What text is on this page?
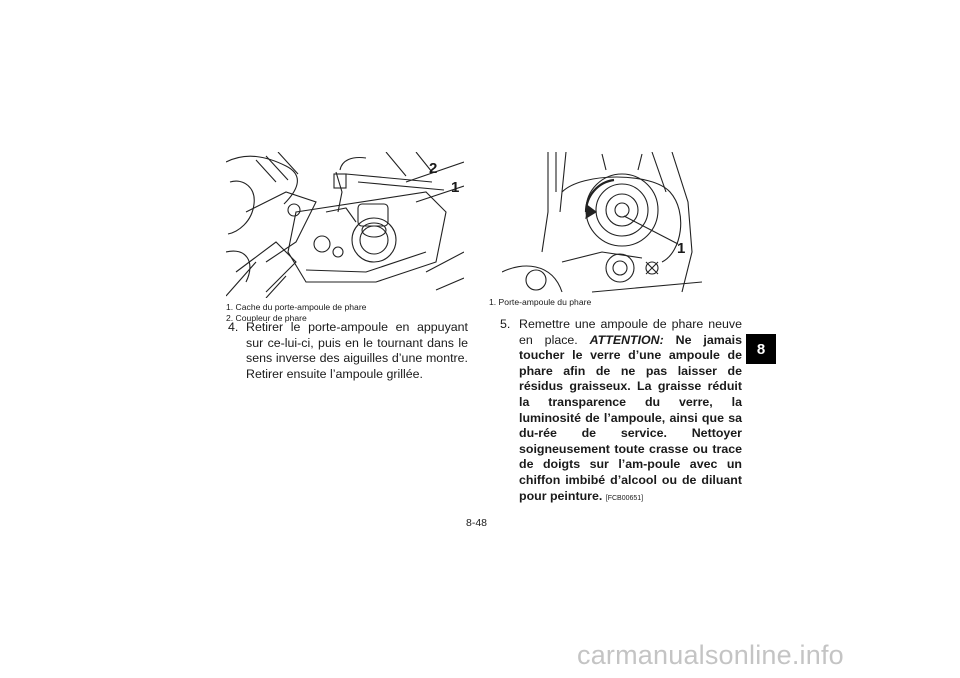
2
1
1. Cache du porte-ampoule de phare
2. Coupleur de phare
1
1. Porte-ampoule du phare
4. Retirer le porte-ampoule en appuyant sur ce-lui-ci, puis en le tournant dans le sens inverse des aiguilles d’une montre. Retirer ensuite l’ampoule grillée.
5. Remettre une ampoule de phare neuve en place. ATTENTION: Ne jamais toucher le verre d’une ampoule de phare afin de ne pas laisser de résidus graisseux. La graisse réduit la transparence du verre, la luminosité de l’ampoule, ainsi que sa du-rée de service. Nettoyer soigneusement toute crasse ou trace de doigts sur l’am-poule avec un chiffon imbibé d’alcool ou de diluant pour peinture. [FCB00651]
8
8-48
carmanualsonline.info
